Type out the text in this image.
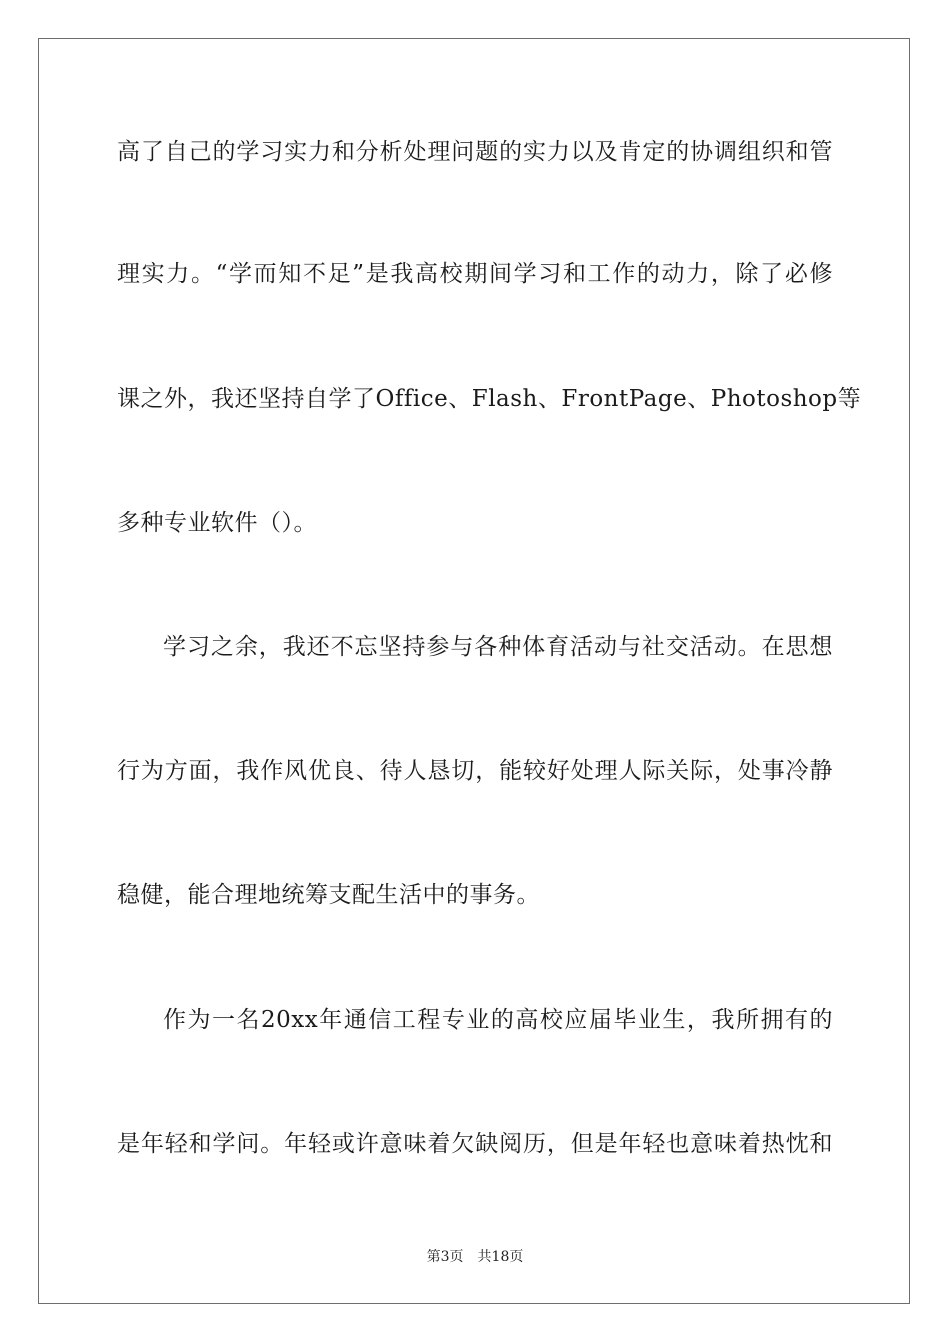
高了自己的学习实力和分析处理问题的实力以及肯定的协调组织和管
理实力。“学而知不足”是我高校期间学习和工作的动力，除了必修
课之外，我还坚持自学了Office、Flash、FrontPage、Photoshop等
多种专业软件（）。
学习之余，我还不忘坚持参与各种体育活动与社交活动。在思想
行为方面，我作风优良、待人恳切，能较好处理人际关际，处事冷静
稳健，能合理地统筹支配生活中的事务。
作为一名20xx年通信工程专业的高校应届毕业生，我所拥有的
是年轻和学问。年轻或许意味着欠缺阅历，但是年轻也意味着热忱和
第3页 共18页
